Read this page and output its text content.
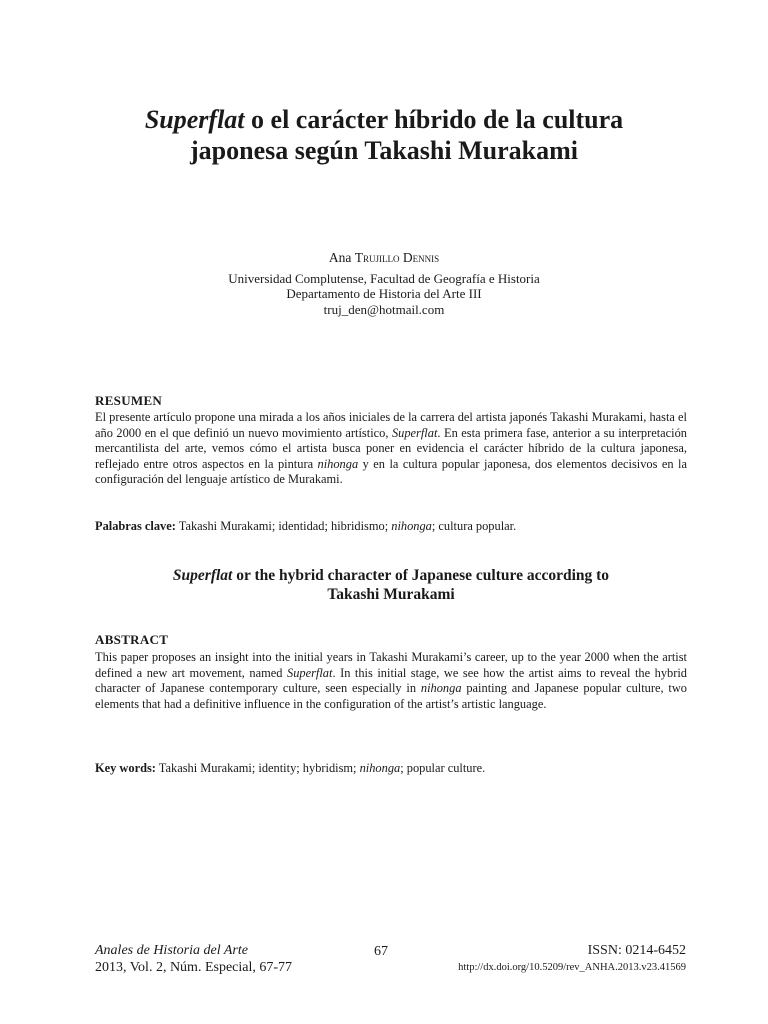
Superflat o el carácter híbrido de la cultura
japonesa según Takashi Murakami
Ana Trujillo Dennis
Universidad Complutense, Facultad de Geografía e Historia
Departamento de Historia del Arte III
truj_den@hotmail.com
RESUMEN
El presente artículo propone una mirada a los años iniciales de la carrera del artista japonés Takashi Murakami, hasta el año 2000 en el que definió un nuevo movimiento artístico, Superflat. En esta primera fase, anterior a su interpretación mercantilista del arte, vemos cómo el artista busca poner en evidencia el carácter híbrido de la cultura japonesa, reflejado entre otros aspectos en la pintura nihonga y en la cultura popular japonesa, dos elementos decisivos en la configuración del lenguaje artístico de Murakami.
Palabras clave: Takashi Murakami; identidad; hibridismo; nihonga; cultura popular.
Superflat or the hybrid character of Japanese culture according to
Takashi Murakami
ABSTRACT
This paper proposes an insight into the initial years in Takashi Murakami’s career, up to the year 2000 when the artist defined a new art movement, named Superflat. In this initial stage, we see how the artist aims to reveal the hybrid character of Japanese contemporary culture, seen especially in nihonga painting and Japanese popular culture, two elements that had a definitive influence in the configuration of the artist’s artistic language.
Key words: Takashi Murakami; identity; hybridism; nihonga; popular culture.
Anales de Historia del Arte
2013, Vol. 2, Núm. Especial, 67-77
67	ISSN: 0214-6452
http://dx.doi.org/10.5209/rev_ANHA.2013.v23.41569
